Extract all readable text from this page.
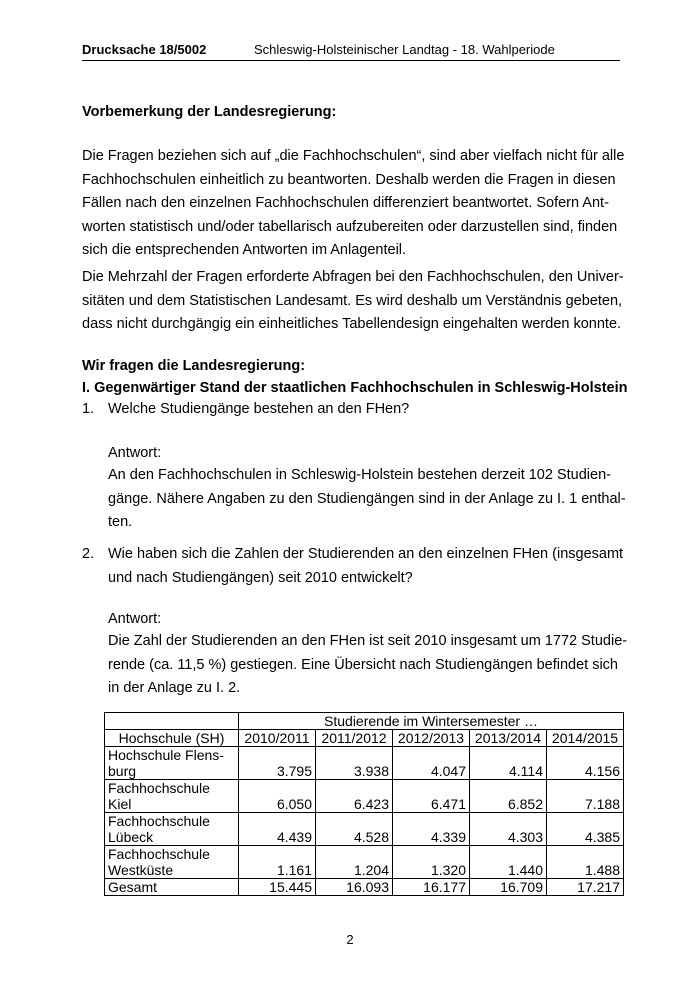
Drucksache 18/5002	Schleswig-Holsteinischer Landtag - 18. Wahlperiode
Vorbemerkung der Landesregierung:
Die Fragen beziehen sich auf „die Fachhochschulen“, sind aber vielfach nicht für alle
Fachhochschulen einheitlich zu beantworten. Deshalb werden die Fragen in diesen
Fällen nach den einzelnen Fachhochschulen differenziert beantwortet. Sofern Ant-
worten statistisch und/oder tabellarisch aufzubereiten oder darzustellen sind, finden
sich die entsprechenden Antworten im Anlagenteil.
Die Mehrzahl der Fragen erforderte Abfragen bei den Fachhochschulen, den Univer-
sitäten und dem Statistischen Landesamt. Es wird deshalb um Verständnis gebeten,
dass nicht durchgängig ein einheitliches Tabellendesign eingehalten werden konnte.
Wir fragen die Landesregierung:
I. Gegenwärtiger Stand der staatlichen Fachhochschulen in Schleswig-Holstein
1. Welche Studiengänge bestehen an den FHen?
Antwort:
An den Fachhochschulen in Schleswig-Holstein bestehen derzeit 102 Studien-
gänge. Nähere Angaben zu den Studiengängen sind in der Anlage zu I. 1 enthal-
ten.
2. Wie haben sich die Zahlen der Studierenden an den einzelnen FHen (insgesamt
und nach Studiengängen) seit 2010 entwickelt?
Antwort:
Die Zahl der Studierenden an den FHen ist seit 2010 insgesamt um 1772 Studie-
rende (ca. 11,5 %) gestiegen. Eine Übersicht nach Studiengängen befindet sich
in der Anlage zu I. 2.
	Studierende im Wintersemester …				
Hochschule (SH)	2010/2011	2011/2012	2012/2013	2013/2014	2014/2015

Hochschule Flens-
burg	3.795	3.938	4.047	4.114	4.156

Fachhochschule
Kiel	6.050	6.423	6.471	6.852	7.188

Fachhochschule
Lübeck	4.439	4.528	4.339	4.303	4.385

Fachhochschule
Westküste	1.161	1.204	1.320	1.440	1.488
Gesamt	15.445	16.093	16.177	16.709	17.217
2
